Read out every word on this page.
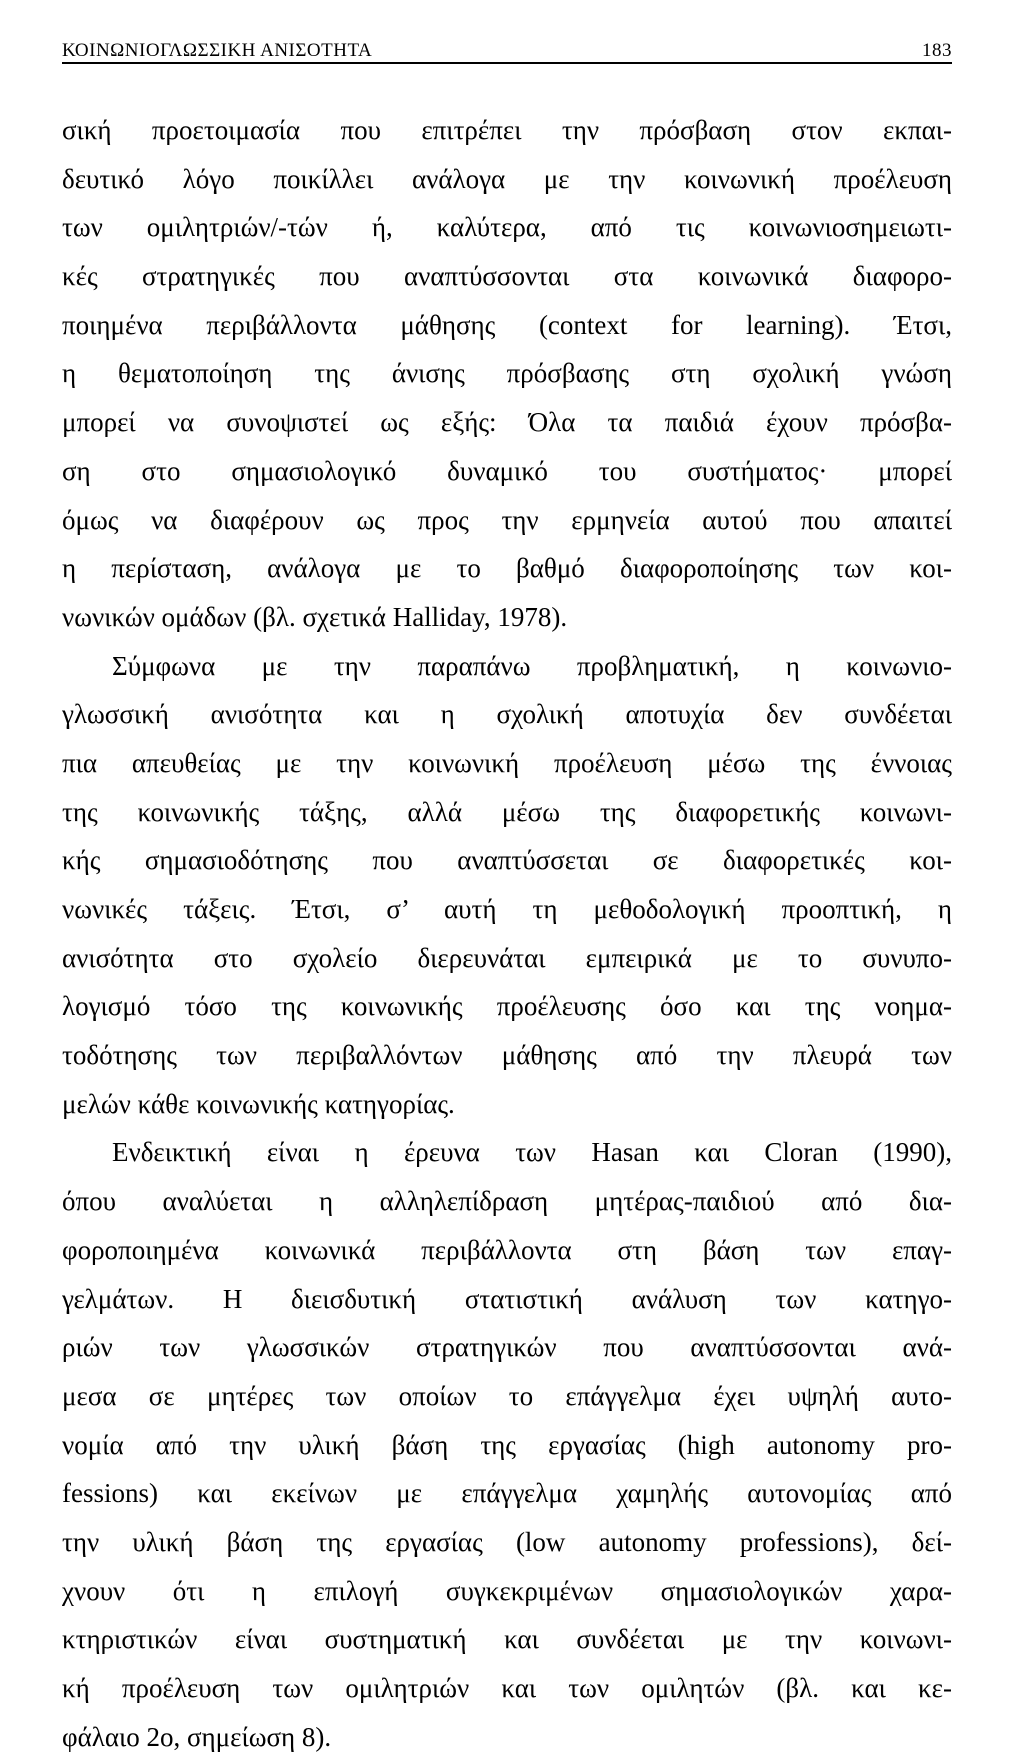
ΚΟΙΝΩΝΙΟΓΛΩΣΣΙΚΗ ΑΝΙΣΟΤΗΤΑ	183
σική προετοιμασία που επιτρέπει την πρόσβαση στον εκπαι-
δευτικό λόγο ποικίλλει ανάλογα με την κοινωνική προέλευση
των ομιλητριών/-τών ή, καλύτερα, από τις κοινωνιοσημειωτι-
κές στρατηγικές που αναπτύσσονται στα κοινωνικά διαφορο-
ποιημένα περιβάλλοντα μάθησης (context for learning). Έτσι,
η θεματοποίηση της άνισης πρόσβασης στη σχολική γνώση
μπορεί να συνοψιστεί ως εξής: Όλα τα παιδιά έχουν πρόσβα-
ση στο σημασιολογικό δυναμικό του συστήματος· μπορεί
όμως να διαφέρουν ως προς την ερμηνεία αυτού που απαιτεί
η περίσταση, ανάλογα με το βαθμό διαφοροποίησης των κοι-
νωνικών ομάδων (βλ. σχετικά Halliday, 1978).
Σύμφωνα με την παραπάνω προβληματική, η κοινωνιο-
γλωσσική ανισότητα και η σχολική αποτυχία δεν συνδέεται
πια απευθείας με την κοινωνική προέλευση μέσω της έννοιας
της κοινωνικής τάξης, αλλά μέσω της διαφορετικής κοινωνι-
κής σημασιοδότησης που αναπτύσσεται σε διαφορετικές κοι-
νωνικές τάξεις. Έτσι, σ’ αυτή τη μεθοδολογική προοπτική, η
ανισότητα στο σχολείο διερευνάται εμπειρικά με το συνυπο-
λογισμό τόσο της κοινωνικής προέλευσης όσο και της νοημα-
τοδότησης των περιβαλλόντων μάθησης από την πλευρά των
μελών κάθε κοινωνικής κατηγορίας.
Ενδεικτική είναι η έρευνα των Hasan και Cloran (1990),
όπου αναλύεται η αλληλεπίδραση μητέρας-παιδιού από δια-
φοροποιημένα κοινωνικά περιβάλλοντα στη βάση των επαγ-
γελμάτων. Η διεισδυτική στατιστική ανάλυση των κατηγο-
ριών των γλωσσικών στρατηγικών που αναπτύσσονται ανά-
μεσα σε μητέρες των οποίων το επάγγελμα έχει υψηλή αυτο-
νομία από την υλική βάση της εργασίας (high autonomy pro-
fessions) και εκείνων με επάγγελμα χαμηλής αυτονομίας από
την υλική βάση της εργασίας (low autonomy professions), δεί-
χνουν ότι η επιλογή συγκεκριμένων σημασιολογικών χαρα-
κτηριστικών είναι συστηματική και συνδέεται με την κοινωνι-
κή προέλευση των ομιλητριών και των ομιλητών (βλ. και κε-
φάλαιο 2ο, σημείωση 8).
